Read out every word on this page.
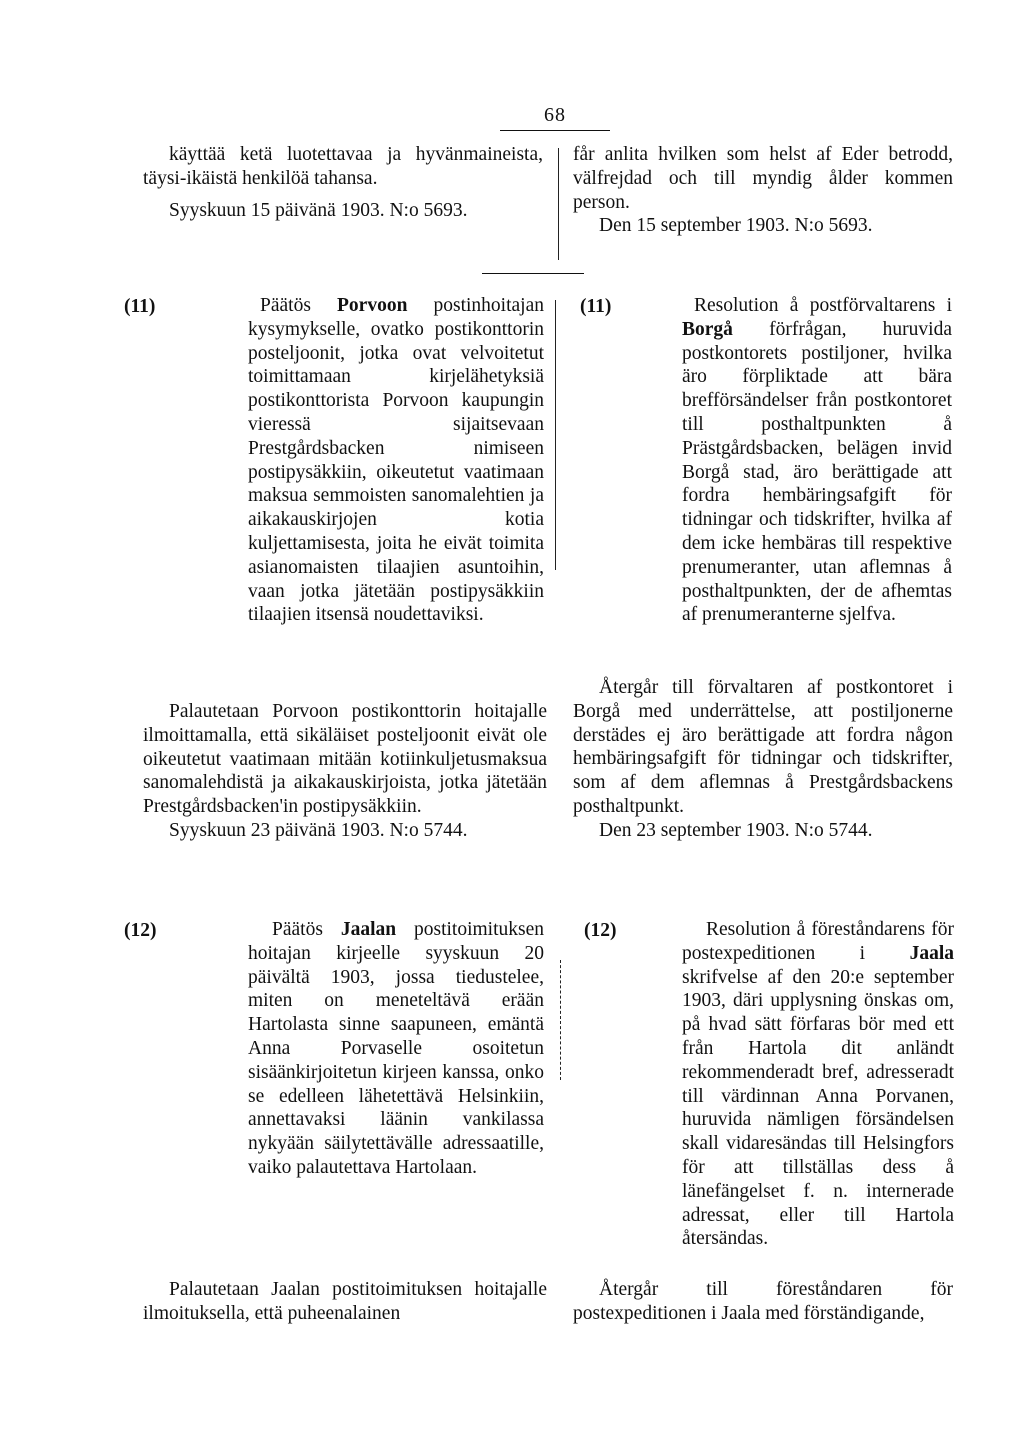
68

käyttää ketä luotettavaa ja hyvänmaineista, täysi-ikäistä henkilöä tahansa.

Syyskuun 15 päivänä 1903. N:o 5693.

får anlita hvilken som helst af Eder betrodd, välfrejdad och till myndig ålder kommen person.

Den 15 september 1903. N:o 5693.

(11)	Päätös Porvoon postinhoitajan kysymykselle, ovatko postikonttorin posteljoonit, jotka ovat velvoitetut toimittamaan kirjelähetyksiä postikonttorista Porvoon kaupungin vieressä sijaitsevaan Prestgårdsbacken nimiseen postipysäkkiin, oikeutetut vaatimaan maksua semmoisten sanomalehtien ja aikakauskirjojen kotia kuljettamisesta, joita he eivät toimita asianomaisten tilaajien asuntoihin, vaan jotka jätetään postipysäkkiin tilaajien itsensä noudettaviksi.

Palautetaan Porvoon postikonttorin hoitajalle ilmoittamalla, että sikäläiset posteljoonit eivät ole oikeutetut vaatimaan mitään kotiinkuljetusmaksua sanomalehdistä ja aikakauskirjoista, jotka jätetään Prestgårdsbacken'in postipysäkkiin.

Syyskuun 23 päivänä 1903. N:o 5744.

(11)	Resolution å postförvaltarens i Borgå förfrågan, huruvida postkontorets postiljoner, hvilka äro förpliktade att bära brefförsändelser från postkontoret till posthaltpunkten å Prästgårdsbacken, belägen invid Borgå stad, äro berättigade att fordra hembäringsafgift för tidningar och tidskrifter, hvilka af dem icke hembäras till respektive prenumeranter, utan aflemnas å posthaltpunkten, der de afhemtas af prenumeranterne sjelfva.

Återgår till förvaltaren af postkontoret i Borgå med underrättelse, att postiljonerne derstädes ej äro berättigade att fordra någon hembäringsafgift för tidningar och tidskrifter, som af dem aflemnas å Prestgårdsbackens posthaltpunkt.

Den 23 september 1903. N:o 5744.

(12)	Päätös Jaalan postitoimituksen hoitajan kirjeelle syyskuun 20 päivältä 1903, jossa tiedustelee, miten on meneteltävä erään Hartolasta sinne saapuneen, emäntä Anna Porvaselle osoitetun sisäänkirjoitetun kirjeen kanssa, onko se edelleen lähetettävä Helsinkiin, annettavaksi läänin vankilassa nykyään säilytettävälle adressaatille, vaiko palautettava Hartolaan.

Palautetaan Jaalan postitoimituksen hoitajalle ilmoituksella, että puheenalainen

(12)	Resolution å föreståndarens för postexpeditionen i Jaala skrifvelse af den 20:e september 1903, däri upplysning önskas om, på hvad sätt förfaras bör med ett från Hartola dit anländt rekommenderadt bref, adresseradt till värdinnan Anna Porvanen, huruvida nämligen försändelsen skall vidaresändas till Helsingfors för att tillställas dess å länefängelset f. n. internerade adressat, eller till Hartola återsändas.

Återgår till föreståndaren för postexpeditionen i Jaala med förständigande,
